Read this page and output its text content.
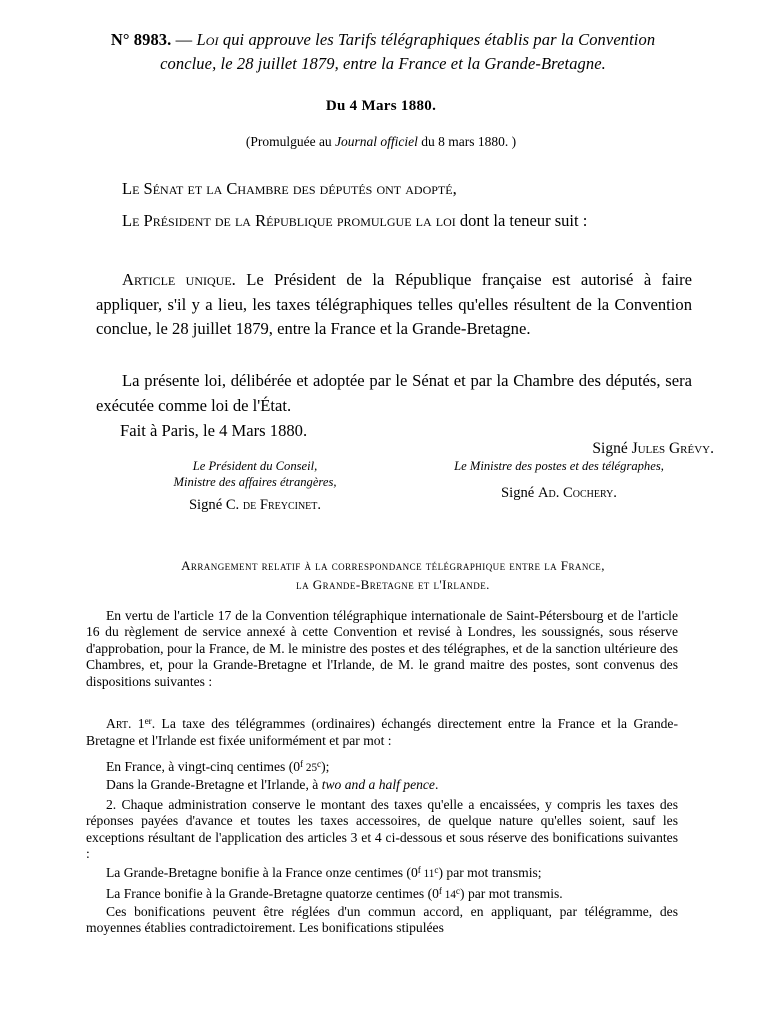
N° 8983. — Loi qui approuve les Tarifs télégraphiques établis par la Convention conclue, le 28 juillet 1879, entre la France et la Grande-Bretagne.
Du 4 Mars 1880.
(Promulguée au Journal officiel du 8 mars 1880. )
Le Sénat et la Chambre des députés ont adopté,
Le Président de la République promulgue la loi dont la teneur suit :
Article unique. Le Président de la République française est autorisé à faire appliquer, s'il y a lieu, les taxes télégraphiques telles qu'elles résultent de la Convention conclue, le 28 juillet 1879, entre la France et la Grande-Bretagne.
La présente loi, délibérée et adoptée par le Sénat et par la Chambre des députés, sera exécutée comme loi de l'État.
Fait à Paris, le 4 Mars 1880.
Signé Jules Grévy.
Le Président du Conseil,
Ministre des affaires étrangères,
Signé C. de Freycinet.
Le Ministre des postes et des télégraphes,
Signé Ad. Cochery.
Arrangement relatif à la correspondance télégraphique entre la France,
la Grande-Bretagne et l'Irlande.
En vertu de l'article 17 de la Convention télégraphique internationale de Saint-Pétersbourg et de l'article 16 du règlement de service annexé à cette Convention et revisé à Londres, les soussignés, sous réserve d'approbation, pour la France, de M. le ministre des postes et des télégraphes, et de la sanction ultérieure des Chambres, et, pour la Grande-Bretagne et l'Irlande, de M. le grand maitre des postes, sont convenus des dispositions suivantes :
Art. 1er. La taxe des télégrammes (ordinaires) échangés directement entre la France et la Grande-Bretagne et l'Irlande est fixée uniformément et par mot :
En France, à vingt-cinq centimes (0$^f$ 25$^c$);
Dans la Grande-Bretagne et l'Irlande, à two and a half pence.
2. Chaque administration conserve le montant des taxes qu'elle a encaissées, y compris les taxes des réponses payées d'avance et toutes les taxes accessoires, de quelque nature qu'elles soient, sauf les exceptions résultant de l'application des articles 3 et 4 ci-dessous et sous réserve des bonifications suivantes :
La Grande-Bretagne bonifie à la France onze centimes (0$^f$ 11$^c$) par mot transmis;
La France bonifie à la Grande-Bretagne quatorze centimes (0$^f$ 14$^c$) par mot transmis.
Ces bonifications peuvent être réglées d'un commun accord, en appliquant, par télégramme, des moyennes établies contradictoirement. Les bonifications stipulées
